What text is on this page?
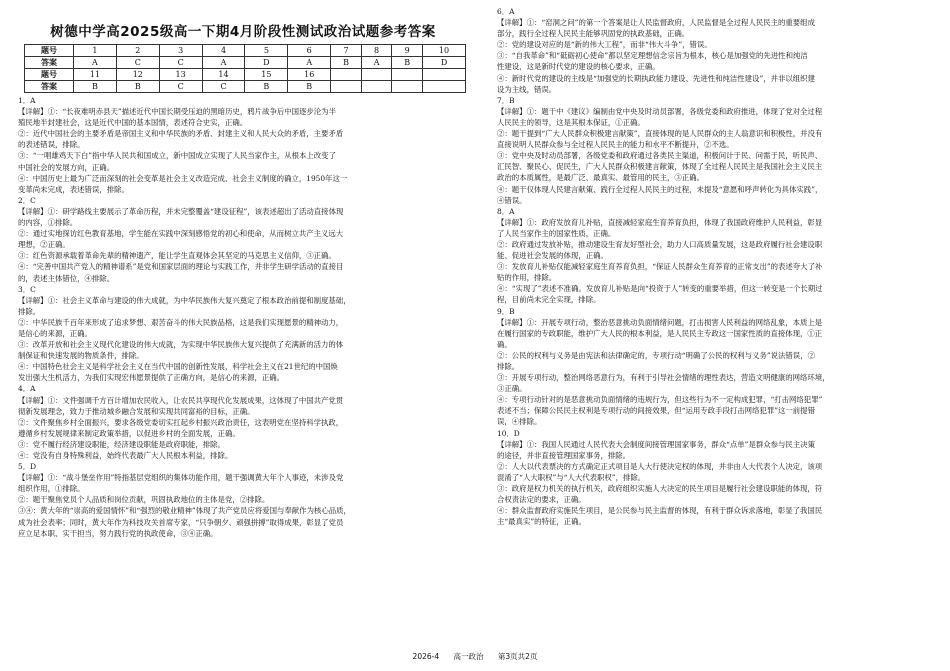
树德中学高2025级高一下期4月阶段性测试政治试题参考答案
题号	1	2	3	4	5	6	7	8	9	10
答案	A	C	C	A	D	A	B	A	B	D
题号	11	12	13	14	15	16				
答案	B	B	C	C	B	B				

1．A

【详解】①：“长夜难明赤县天”描述近代中国长期受压迫的黑暗历史，鸦片战争后中国逐步沦为半

殖民地半封建社会，这是近代中国的基本国情，表述符合史实，正确。

②：近代中国社会的主要矛盾是帝国主义和中华民族的矛盾、封建主义和人民大众的矛盾，主要矛盾

的表述错误，排除。

③：“一唱雄鸡天下白”指中华人民共和国成立，新中国成立实现了人民当家作主，从根本上改变了

中国社会的发展方向，正确。

④：中国历史上最为广泛而深刻的社会变革是社会主义改造完成、社会主义制度的确立，1950年这一

变革尚未完成，表述错误，排除。

2．C

【详解】①：研学路线主要展示了革命历程，并未完整覆盖“建设征程”，该表述超出了活动直接体现

的内容，①排除。

②：通过实地探访红色教育基地，学生能在实践中深刻感悟党的初心和使命，从而树立共产主义远大

理想，②正确。

③：红色资源承载着革命先辈的精神遗产，能让学生直观体会其坚定的马克思主义信仰，③正确。

④：“完善中国共产党人的精神谱系”是党和国家层面的理论与实践工作，并非学生研学活动的直接目

的，表述主体错位，④排除。

3．C

【详解】①：社会主义革命与建设的伟大成就，为中华民族伟大复兴奠定了根本政治前提和制度基础，

排除。

②：中华民族千百年来形成了追求梦想、艰苦奋斗的伟大民族品格，这是我们实现愿景的精神动力，

是信心的来源，正确。

③：改革开放和社会主义现代化建设的伟大成就，为实现中华民族伟大复兴提供了充满新的活力的体

制保证和快速发展的物质条件，排除。

④：中国特色社会主义是科学社会主义在当代中国的创新性发展，科学社会主义在21世纪的中国焕

发出强大生机活力，为我们实现宏伟愿景提供了正确方向，是信心的来源，正确。

4．A

【详解】①：文件强调千方百计增加农民收入，让农民共享现代化发展成果，这体现了中国共产党贯

彻新发展理念，致力于推动城乡融合发展和实现共同富裕的目标，正确。

②：文件聚焦乡村全面振兴，要求各级党委切实扛起乡村振兴政治责任，这表明党在坚持科学执政，

遵循乡村发展规律来制定政策举措，以促进乡村的全面发展，正确。

③：党不履行经济建设职能，经济建设职能是政府职能，排除。

④：党没有自身特殊利益，始终代表最广大人民根本利益，排除。

5．D

【详解】①：“战斗堡垒作用”特指基层党组织的集体功能作用，题干强调黄大年个人事迹，未涉及党

组织作用，①排除。

②：题干聚焦党员个人品质和岗位贡献，巩固执政地位的主体是党，②排除。

③④：黄大年的“崇高的爱国情怀”和“强烈的敬业精神”体现了共产党员应将爱国与奉献作为核心品质，

成为社会表率；同时，黄大年作为科技攻关首席专家，“只争朝夕、顽强拼搏”取得成果，彰显了党员

应立足本职、实干担当，努力践行党的执政使命，③④正确。

6．A

【详解】①：“窑洞之问”的第一个答案是让人民监督政府，人民监督是全过程人民民主的重要组成

部分，践行全过程人民民主能够巩固党的执政基础，正确。

②：党的建设对应的是“新的伟大工程”，而非“伟大斗争”，错误。

③：“自我革命”和“砥砺初心使命”都以坚定理想信念宗旨为根本，核心是加强党的先进性和纯洁

性建设，这是新时代党的建设的核心要求，正确。

④：新时代党的建设的主线是“加强党的长期执政能力建设、先进性和纯洁性建设”，并非以组织建

设为主线，错误。

7．B

【详解】①：题干中《建议》编制由党中央及时动员部署，各级党委和政府推进，体现了党对全过程

人民民主的领导，这是其根本保证，①正确。

②：题干提到“广大人民群众积极建言献策”，直接体现的是人民群众的主人翁意识和积极性，并没有

直接说明人民群众参与全过程人民民主的能力和水平不断提升，②不选。

③：党中央及时动员部署，各级党委和政府通过各类民主渠道，积极问计于民、问需于民，听民声、

汇民智、聚民心、促民生，广大人民群众积极建言献策，体现了全过程人民民主是我国社会主义民主

政治的本质属性，是最广泛、最真实、最管用的民主，③正确。

④：题干仅体现人民建言献策、践行全过程人民民主的过程，未提及“意愿和呼声转化为具体实践”，

④错误。

8．A

【详解】①：政府发放育儿补贴，直接减轻家庭生育养育负担，体现了我国政府维护人民利益，彰显

了人民当家作主的国家性质，正确。

②：政府通过发放补贴，推动建设生育友好型社会，助力人口高质量发展，这是政府履行社会建设职

能、促进社会发展的体现，正确。

③：发放育儿补贴仅能减轻家庭生育养育负担，“保证人民群众生育养育的正常支出”的表述夸大了补

贴的作用，排除。

④：“实现了”表述不准确。发放育儿补贴是向“投资于人”转变的重要举措，但这一转变是一个长期过

程，目前尚未完全实现，排除。

9．B

【详解】①：开展专项行动，整治恶意挑动负面情绪问题，打击损害人民利益的网络乱象，本质上是

在履行国家的专政职能，维护广大人民的根本利益，是人民民主专政这一国家性质的直接体现，①正

确。

②：公民的权利与义务是由宪法和法律确定的，专项行动“明确了公民的权利与义务”说法错误，②

排除。

③：开展专项行动，整治网络恶意行为，有利于引导社会情绪的理性表达，营造文明健康的网络环境，

③正确。

④：专项行动针对的是恶意挑动负面情绪的违规行为，但这些行为不一定构成犯罪，“打击网络犯罪”

表述不当；保障公民民主权利是专项行动的间接效果，但“运用专政手段打击网络犯罪”这一前提错

误，④排除。

10．D

【详解】①：我国人民通过人民代表大会制度间接管理国家事务，群众“点单”是群众参与民主决策

的途径，并非直接管理国家事务，排除。

②：人大以代表票决的方式确定正式项目是人大行使决定权的体现，并非由人大代表个人决定，该项

混淆了“人大职权”与“人大代表职权”，排除。

③：政府是权力机关的执行机关，政府组织实施人大决定的民生项目是履行社会建设职能的体现，符

合权责法定的要求，正确。

④：群众监督政府实施民生项目，是公民参与民主监督的体现，有利于群众诉求落地，彰显了我国民

主“最真实”的特征，正确。

2026-4 高一政治 第3页共2页
